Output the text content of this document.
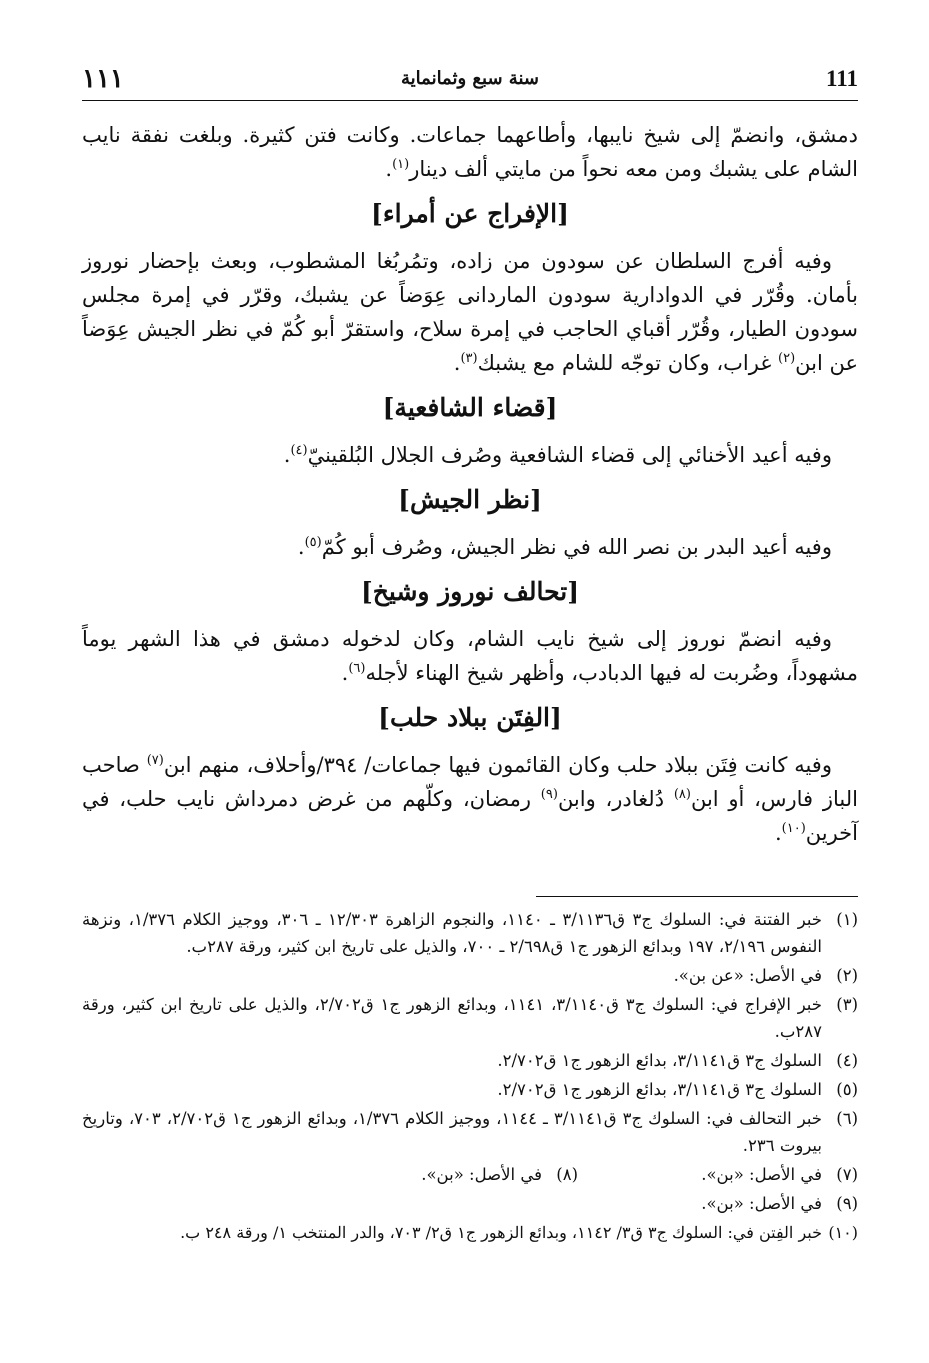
١١١	سنة سبع وثمانماية	111

دمشق، وانضمّ إلى شيخ نايبها، وأطاعهما جماعات. وكانت فتن كثيرة. وبلغت نفقة نايب الشام على يشبك ومن معه نحواً من مايتي ألف دينار$^{(١)}$.

[الإفراج عن أمراء]

وفيه أفرج السلطان عن سودون من زاده، وتمُربُغا المشطوب، وبعث بإحضار نوروز بأمان. وقُرّر في الدوادارية سودون الماردانى عِوَضاً عن يشبك، وقرّر في إمرة مجلس سودون الطيار، وقُرّر أقباي الحاجب في إمرة سلاح، واستقرّ أبو كُمّ في نظر الجيش عِوَضاً عن ابن$^{(٢)}$ غراب، وكان توجّه للشام مع يشبك$^{(٣)}$.

[قضاء الشافعية]

وفيه أعيد الأخنائي إلى قضاء الشافعية وصُرف الجلال البُلقينيّ$^{(٤)}$.

[نظر الجيش]

وفيه أعيد البدر بن نصر الله في نظر الجيش، وصُرف أبو كُمّ$^{(٥)}$.

[تحالف نوروز وشيخ]

وفيه انضمّ نوروز إلى شيخ نايب الشام، وكان لدخوله دمشق في هذا الشهر يوماً مشهوداً، وضُربت له فيها الدبادب، وأظهر شيخ الهناء لأجله$^{(٦)}$.

[الفِتَن ببلاد حلب]

وفيه كانت فِتَن ببلاد حلب وكان القائمون فيها جماعات/ ٣٩٤/وأحلاف، منهم ابن$^{(٧)}$ صاحب الباز فارس، أو ابن$^{(٨)}$ دُلغادر، وابن$^{(٩)}$ رمضان، وكلّهم من غرض دمرداش نايب حلب، في آخرين$^{(١٠)}$.

(١)
خبر الفتنة في: السلوك ج٣ ق٣/١١٣٦ ـ ١١٤٠، والنجوم الزاهرة ١٢/٣٠٣ ـ ٣٠٦، ووجيز الكلام ١/٣٧٦، ونزهة النفوس ٢/١٩٦، ١٩٧ وبدائع الزهور ج١ ق٢/٦٩٨ ـ ٧٠٠، والذيل على تاريخ ابن كثير، ورقة ٢٨٧ب.
(٢)
في الأصل: «عن بن».
(٣)
خبر الإفراج في: السلوك ج٣ ق٣/١١٤٠، ١١٤١، وبدائع الزهور ج١ ق٢/٧٠٢، والذيل على تاريخ ابن كثير، ورقة ٢٨٧ب.
(٤)
السلوك ج٣ ق٣/١١٤١، بدائع الزهور ج١ ق٢/٧٠٢.
(٥)
السلوك ج٣ ق٣/١١٤١، بدائع الزهور ج١ ق٢/٧٠٢.
(٦)
خبر التحالف في: السلوك ج٣ ق٣/١١٤١ ـ ١١٤٤، ووجيز الكلام ١/٣٧٦، وبدائع الزهور ج١ ق٢/٧٠٢، ٧٠٣، وتاريخ بيروت ٢٣٦.
(٧)
في الأصل: «بن».
(٨)
في الأصل: «بن».
(٩)
في الأصل: «بن».
(١٠)
خبر الفِتن في: السلوك ج٣ ق٣/ ١١٤٢، وبدائع الزهور ج١ ق٢/ ٧٠٣، والدر المنتخب ١/ ورقة ٢٤٨ ب.
